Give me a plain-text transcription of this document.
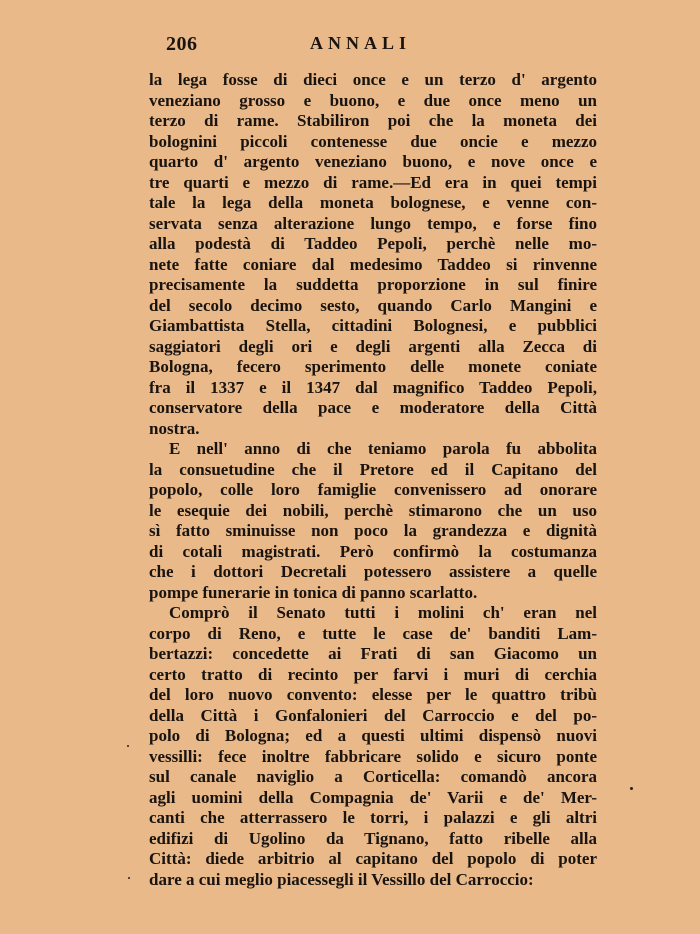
206	ANNALI
la lega fosse di dieci once e un terzo d' argento
veneziano grosso e buono, e due once meno un
terzo di rame. Stabiliron poi che la moneta dei
bolognini piccoli contenesse due oncie e mezzo
quarto d' argento veneziano buono, e nove once e
tre quarti e mezzo di rame.—Ed era in quei tempi
tale la lega della moneta bolognese, e venne con-
servata senza alterazione lungo tempo, e forse fino
alla podestà di Taddeo Pepoli, perchè nelle mo-
nete fatte coniare dal medesimo Taddeo si rinvenne
precisamente la suddetta proporzione in sul finire
del secolo decimo sesto, quando Carlo Mangini e
Giambattista Stella, cittadini Bolognesi, e pubblici
saggiatori degli ori e degli argenti alla Zecca di
Bologna, fecero sperimento delle monete coniate
fra il 1337 e il 1347 dal magnifico Taddeo Pepoli,
conservatore della pace e moderatore della Città
nostra.
E nell' anno di che teniamo parola fu abbolita
la consuetudine che il Pretore ed il Capitano del
popolo, colle loro famiglie convenissero ad onorare
le esequie dei nobili, perchè stimarono che un uso
sì fatto sminuisse non poco la grandezza e dignità
di cotali magistrati. Però confirmò la costumanza
che i dottori Decretali potessero assistere a quelle
pompe funerarie in tonica di panno scarlatto.
Comprò il Senato tutti i molini ch' eran nel
corpo di Reno, e tutte le case de' banditi Lam-
bertazzi: concedette ai Frati di san Giacomo un
certo tratto di recinto per farvi i muri di cerchia
del loro nuovo convento: elesse per le quattro tribù
della Città i Gonfalonieri del Carroccio e del po-
polo di Bologna; ed a questi ultimi dispensò nuovi
vessilli: fece inoltre fabbricare solido e sicuro ponte
sul canale naviglio a Corticella: comandò ancora
agli uomini della Compagnia de' Varii e de' Mer-
canti che atterrassero le torri, i palazzi e gli altri
edifizi di Ugolino da Tignano, fatto ribelle alla
Città: diede arbitrio al capitano del popolo di poter
dare a cui meglio piacessegli il Vessillo del Carroccio:
